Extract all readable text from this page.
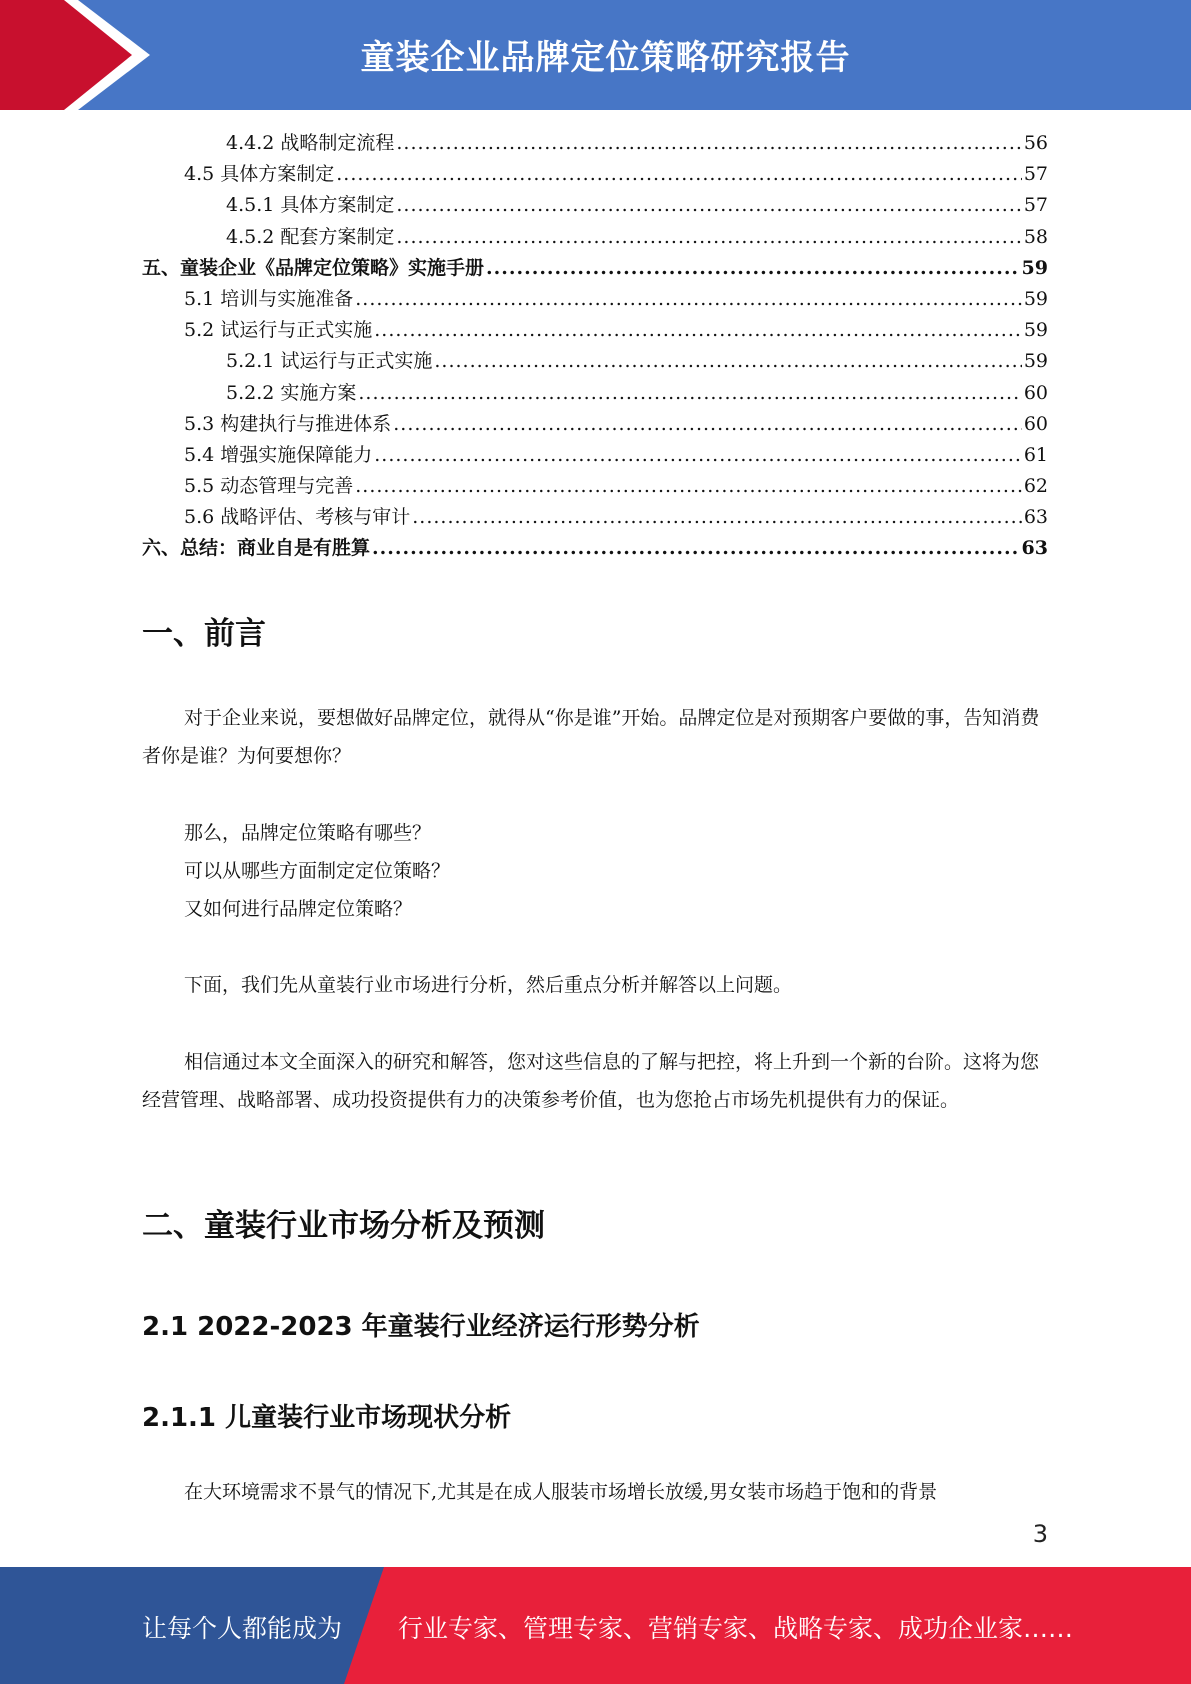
童装企业品牌定位策略研究报告
4.4.2 战略制定流程 .....	56
4.5 具体方案制定 .....	57
4.5.1 具体方案制定 .....	57
4.5.2 配套方案制定 .....	58
五、童装企业《品牌定位策略》实施手册 .....	59
5.1 培训与实施准备 .....	59
5.2 试运行与正式实施 .....	59
5.2.1 试运行与正式实施 .....	59
5.2.2 实施方案 .....	60
5.3 构建执行与推进体系 .....	60
5.4 增强实施保障能力 .....	61
5.5 动态管理与完善 .....	62
5.6 战略评估、考核与审计 .....	63
六、总结：商业自是有胜算 .....	63
一、前言

对于企业来说，要想做好品牌定位，就得从“你是谁”开始。品牌定位是对预期客户要做的事，告知消费者你是谁？为何要想你？

那么，品牌定位策略有哪些？

可以从哪些方面制定定位策略？

又如何进行品牌定位策略？

下面，我们先从童装行业市场进行分析，然后重点分析并解答以上问题。

相信通过本文全面深入的研究和解答，您对这些信息的了解与把控，将上升到一个新的台阶。这将为您经营管理、战略部署、成功投资提供有力的决策参考价值，也为您抢占市场先机提供有力的保证。

二、童装行业市场分析及预测
2.1 2022-2023 年童装行业经济运行形势分析
2.1.1 儿童装行业市场现状分析

在大环境需求不景气的情况下,尤其是在成人服装市场增长放缓,男女装市场趋于饱和的背景

3
让每个人都能成为 行业专家、管理专家、营销专家、战略专家、成功企业家……
